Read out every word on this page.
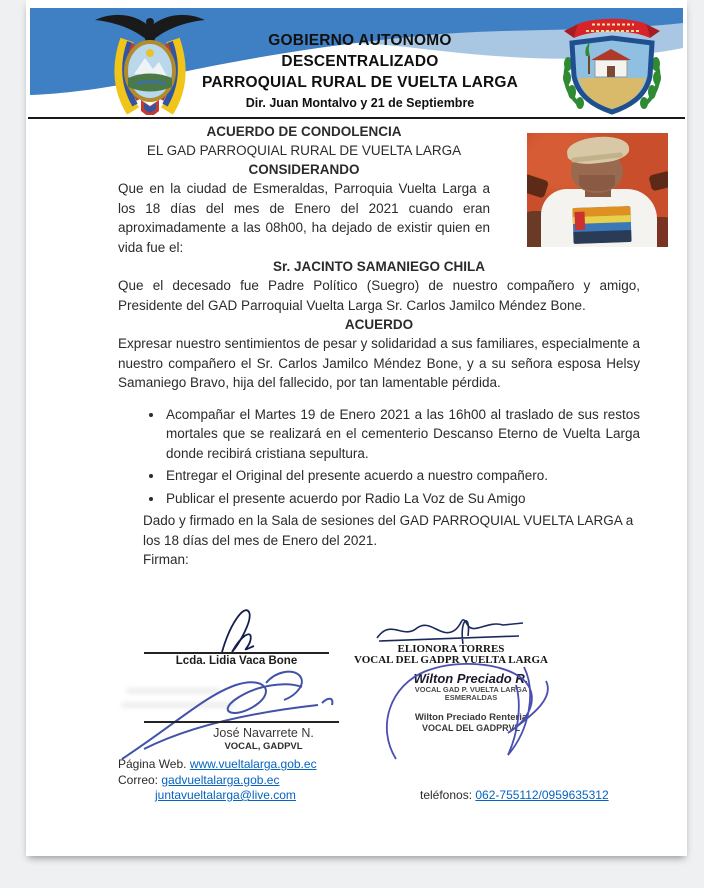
GOBIERNO AUTONOMO DESCENTRALIZADO
PARROQUIAL RURAL DE VUELTA LARGA
Dir. Juan Montalvo y 21 de Septiembre
ACUERDO DE CONDOLENCIA
EL GAD PARROQUIAL RURAL DE VUELTA LARGA
CONSIDERANDO

Que en la ciudad de Esmeraldas, Parroquia Vuelta Larga a los 18 días del mes de Enero del 2021 cuando eran aproximadamente a las 08h00, ha dejado de existir quien en vida fue el:

Sr. JACINTO SAMANIEGO CHILA

Que el decesado fue Padre Político (Suegro) de nuestro compañero y amigo, Presidente del GAD Parroquial Vuelta Larga Sr. Carlos Jamilco Méndez Bone.

ACUERDO

Expresar nuestro sentimientos de pesar y solidaridad a sus familiares, especialmente a nuestro compañero el Sr. Carlos Jamilco Méndez Bone, y a su señora esposa Helsy Samaniego Bravo, hija del fallecido, por tan lamentable pérdida.

• Acompañar el Martes 19 de Enero 2021 a las 16h00 al traslado de sus restos mortales que se realizará en el cementerio Descanso Eterno de Vuelta Larga donde recibirá cristiana sepultura.
• Entregar el Original del presente acuerdo a nuestro compañero.
• Publicar el presente acuerdo por Radio La Voz de Su Amigo

Dado y firmado en la Sala de sesiones del GAD PARROQUIAL VUELTA LARGA a los 18 días del mes de Enero del 2021.

Firman:

Lcda. Lidia Vaca Bone
ELIONORA TORRES
VOCAL DEL GADPR VUELTA LARGA
José Navarrete N.
VOCAL, GADPVL
Wilton Preciado R.
VOCAL GAD P. VUELTA LARGA
ESMERALDAS
Wilton Preciado Renteria
VOCAL DEL GADPRVL
Página Web. www.vueltalarga.gob.ec
Correo: gadvueltalarga.gob.ec
juntavueltalarga@live.com	teléfonos: 062-755112/0959635312
